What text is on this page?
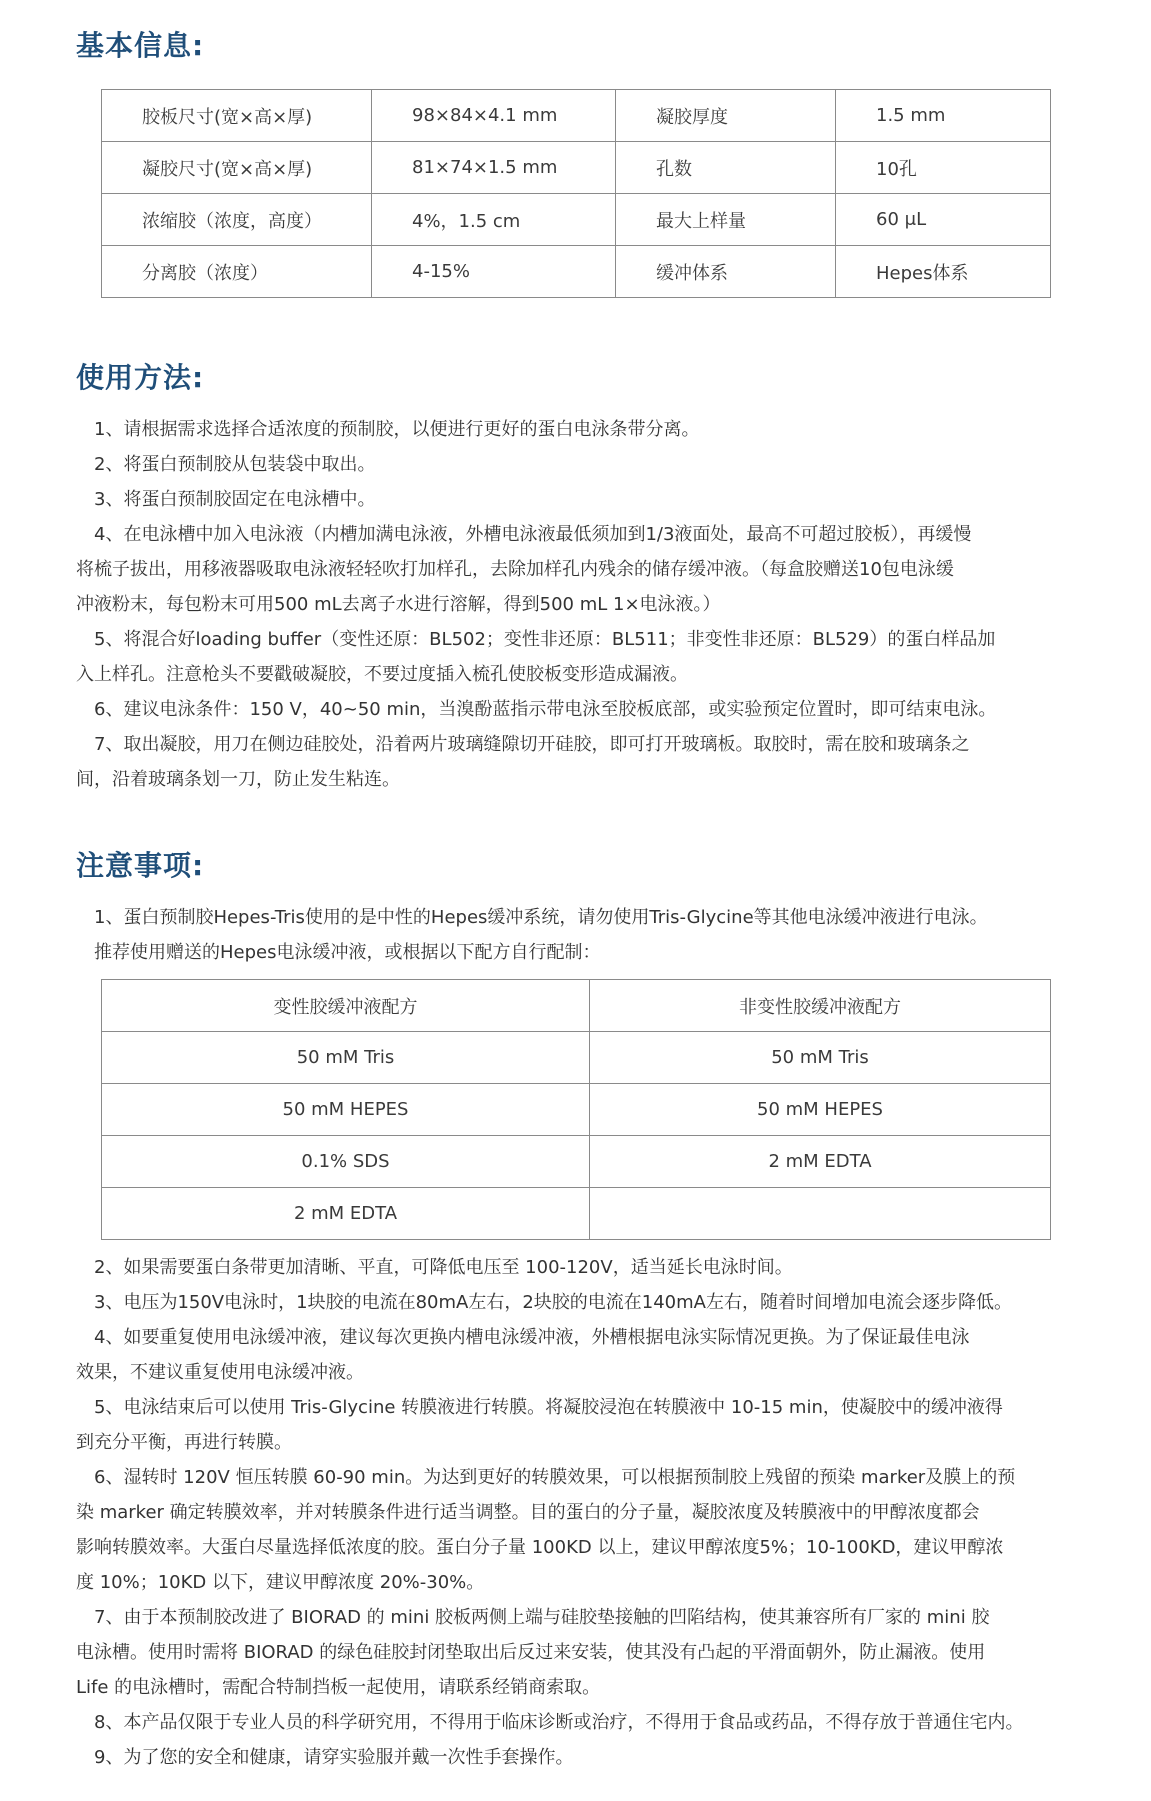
基本信息:
胶板尺寸(宽×高×厚)	98×84×4.1 mm	凝胶厚度	1.5 mm
凝胶尺寸(宽×高×厚)	81×74×1.5 mm	孔数	10孔
浓缩胶（浓度，高度）	4%，1.5 cm	最大上样量	60 μL
分离胶（浓度）	4-15%	缓冲体系	Hepes体系
使用方法:
1、请根据需求选择合适浓度的预制胶，以便进行更好的蛋白电泳条带分离。
2、将蛋白预制胶从包装袋中取出。
3、将蛋白预制胶固定在电泳槽中。
4、在电泳槽中加入电泳液（内槽加满电泳液，外槽电泳液最低须加到1/3液面处，最高不可超过胶板），再缓慢
将梳子拔出，用移液器吸取电泳液轻轻吹打加样孔，去除加样孔内残余的储存缓冲液。（每盒胶赠送10包电泳缓
冲液粉末，每包粉末可用500 mL去离子水进行溶解，得到500 mL 1×电泳液。）
5、将混合好loading buffer（变性还原：BL502；变性非还原：BL511；非变性非还原：BL529）的蛋白样品加
入上样孔。注意枪头不要戳破凝胶，不要过度插入梳孔使胶板变形造成漏液。
6、建议电泳条件：150 V，40~50 min，当溴酚蓝指示带电泳至胶板底部，或实验预定位置时，即可结束电泳。
7、取出凝胶，用刀在侧边硅胶处，沿着两片玻璃缝隙切开硅胶，即可打开玻璃板。取胶时，需在胶和玻璃条之
间，沿着玻璃条划一刀，防止发生粘连。
注意事项:
1、蛋白预制胶Hepes-Tris使用的是中性的Hepes缓冲系统，请勿使用Tris-Glycine等其他电泳缓冲液进行电泳。
推荐使用赠送的Hepes电泳缓冲液，或根据以下配方自行配制：
变性胶缓冲液配方	非变性胶缓冲液配方
50 mM Tris	50 mM Tris
50 mM HEPES	50 mM HEPES
0.1% SDS	2 mM EDTA
2 mM EDTA	
2、如果需要蛋白条带更加清晰、平直，可降低电压至 100-120V，适当延长电泳时间。
3、电压为150V电泳时，1块胶的电流在80mA左右，2块胶的电流在140mA左右，随着时间增加电流会逐步降低。
4、如要重复使用电泳缓冲液，建议每次更换内槽电泳缓冲液，外槽根据电泳实际情况更换。为了保证最佳电泳
效果，不建议重复使用电泳缓冲液。
5、电泳结束后可以使用 Tris-Glycine 转膜液进行转膜。将凝胶浸泡在转膜液中 10-15 min，使凝胶中的缓冲液得
到充分平衡，再进行转膜。
6、湿转时 120V 恒压转膜 60-90 min。为达到更好的转膜效果，可以根据预制胶上残留的预染 marker及膜上的预
染 marker 确定转膜效率，并对转膜条件进行适当调整。目的蛋白的分子量，凝胶浓度及转膜液中的甲醇浓度都会
影响转膜效率。大蛋白尽量选择低浓度的胶。蛋白分子量 100KD 以上，建议甲醇浓度5%；10-100KD，建议甲醇浓
度 10%；10KD 以下，建议甲醇浓度 20%-30%。
7、由于本预制胶改进了 BIORAD 的 mini 胶板两侧上端与硅胶垫接触的凹陷结构，使其兼容所有厂家的 mini 胶
电泳槽。使用时需将 BIORAD 的绿色硅胶封闭垫取出后反过来安装，使其没有凸起的平滑面朝外，防止漏液。使用
Life 的电泳槽时，需配合特制挡板一起使用，请联系经销商索取。
8、本产品仅限于专业人员的科学研究用，不得用于临床诊断或治疗，不得用于食品或药品，不得存放于普通住宅内。
9、为了您的安全和健康，请穿实验服并戴一次性手套操作。
